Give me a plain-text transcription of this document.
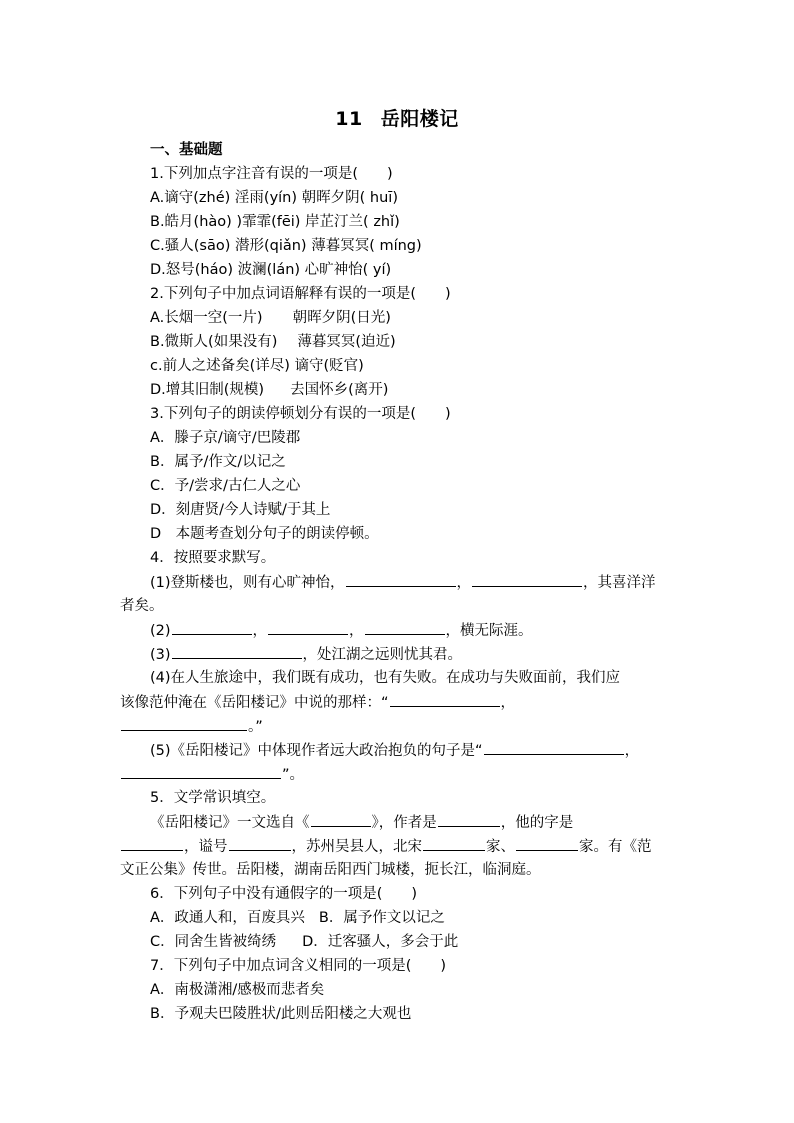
11 岳阳楼记
一、基础题
1.下列加点字注音有误的一项是(　　)
A.谪守(zhé) 淫雨(yín) 朝晖夕阴( huī)
B.皓月(hào) )霏霏(fēi) 岸芷汀兰( zhǐ)
C.骚人(sāo) 潜形(qiǎn) 薄暮冥冥( míng)
D.怒号(háo) 波澜(lán) 心旷神怡( yí)
2.下列句子中加点词语解释有误的一项是(　　)
A.长烟一空(一片) 朝晖夕阴(日光)
B.微斯人(如果没有) 薄暮冥冥(迫近)
c.前人之述备矣(详尽) 谪守(贬官)
D.增其旧制(规模) 去国怀乡(离开)
3.下列句子的朗读停顿划分有误的一项是(　　)
A．滕子京/谪守/巴陵郡
B．属予/作文/以记之
C．予/尝求/古仁人之心
D．刻唐贤/今人诗赋/于其上
D　本题考查划分句子的朗读停顿。
4．按照要求默写。
(1)登斯楼也，则有心旷神怡，	，	，其喜洋洋
者矣。
(2)	，	，	，横无际涯。
(3)	，处江湖之远则忧其君。
(4)在人生旅途中，我们既有成功，也有失败。在成功与失败面前，我们应
该像范仲淹在《岳阳楼记》中说的那样：“	，
。”
(5)《岳阳楼记》中体现作者远大政治抱负的句子是“	，
”。
5．文学常识填空。
《岳阳楼记》一文选自《	》，作者是	，他的字是
，谥号	，苏州吴县人，北宋	家、	家。有《范
文正公集》传世。岳阳楼，湖南岳阳西门城楼，扼长江，临洞庭。
6．下列句子中没有通假字的一项是(　　)
A．政通人和，百废具兴 B．属予作文以记之
C．同舍生皆被绮绣 D．迁客骚人，多会于此
7．下列句子中加点词含义相同的一项是(　　)
A．南极潇湘/感极而悲者矣
B．予观夫巴陵胜状/此则岳阳楼之大观也
